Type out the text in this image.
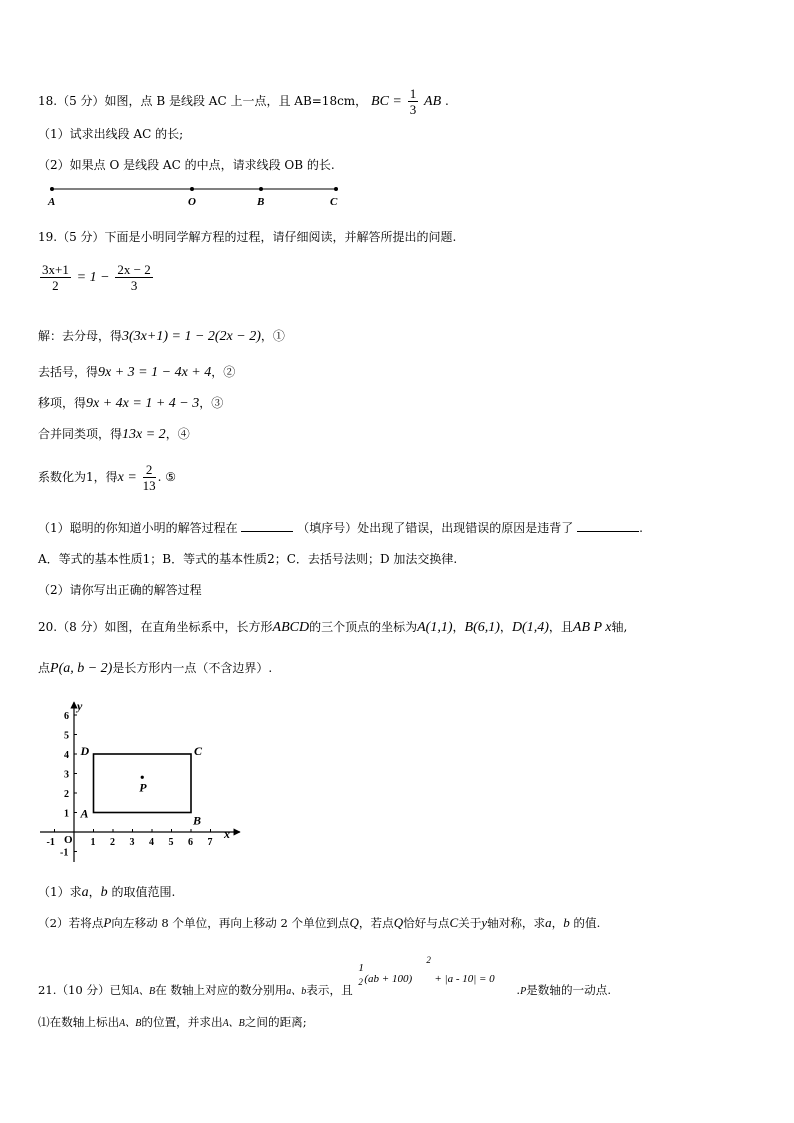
18.（5 分）如图，点 B 是线段 AC 上一点，且 AB=18cm， BC = $\frac{1}{3}$ AB .
（1）试求出线段 AC 的长;
（2）如果点 O 是线段 AC 的中点，请求线段 OB 的长.
A	O	B	C
19.（5 分）下面是小明同学解方程的过程，请仔细阅读，并解答所提出的问题.
$\frac{3x+1}{2} = 1 - \frac{2x - 2}{3}$
解：去分母，得3(3x+1) = 1 − 2(2x − 2)，①
去括号，得9x + 3 = 1 − 4x + 4，②
移项，得9x + 4x = 1 + 4 − 3，③
合并同类项，得13x = 2，④
系数化为1，得$x = \frac{2}{13}$ . ⑤
（1）聪明的你知道小明的解答过程在	（填序号）处出现了错误，出现错误的原因是违背了	.
A．等式的基本性质1；B．等式的基本性质2；C．去括号法则；D 加法交换律.
（2）请你写出正确的解答过程
20.（8 分）如图，在直角坐标系中，长方形ABCD的三个顶点的坐标为A(1,1)，B(6,1)，D(1,4)，且AB P x轴,
点P(a, b − 2)是长方形内一点（不含边界）.
-1	1 2 3 4 5 6 7
-1
1
2
3
4
5
6
x
y
O
A	B
C
D
P
（1）求a，b 的取值范围.
（2）若将点P向左移动 8 个单位，再向上移动 2 个单位到点Q，若点Q恰好与点C关于y轴对称，求a，b 的值.
21.（10 分）已知A、B在 数轴上对应的数分别用a、b表示，且
1
2 (ab + 100)
2
+ |a - 10| = 0
.P是数轴的一动点.
⑴在数轴上标出A、B的位置，并求出A、B之间的距离;
